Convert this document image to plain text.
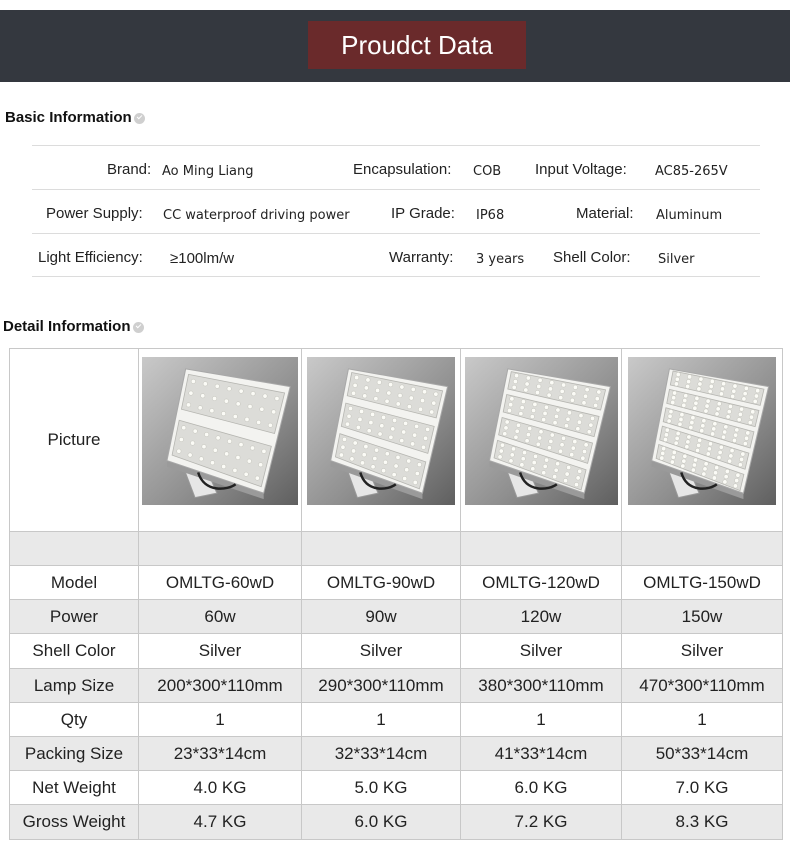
Proudct Data
Basic Information
Brand: Ao Ming Liang	Encapsulation: COB Input Voltage: AC85-265V
Power Supply: CC waterproof driving power	IP Grade: IP68	Material: Aluminum
Light Efficiency: ≥100lm/w	Warranty: 3 years Shell Color: Silver
Detail Information
Picture	

Model	OMLTG-60wD	OMLTG-90wD	OMLTG-120wD	OMLTG-150wD
Power	60w	90w	120w	150w
Shell Color	Silver	Silver	Silver	Silver
Lamp Size	200*300*110mm	290*300*110mm	380*300*110mm	470*300*110mm
Qty	1	1	1	1
Packing Size	23*33*14cm	32*33*14cm	41*33*14cm	50*33*14cm
Net Weight	4.0 KG	5.0 KG	6.0 KG	7.0 KG
Gross Weight	4.7 KG	6.0 KG	7.2 KG	8.3 KG
